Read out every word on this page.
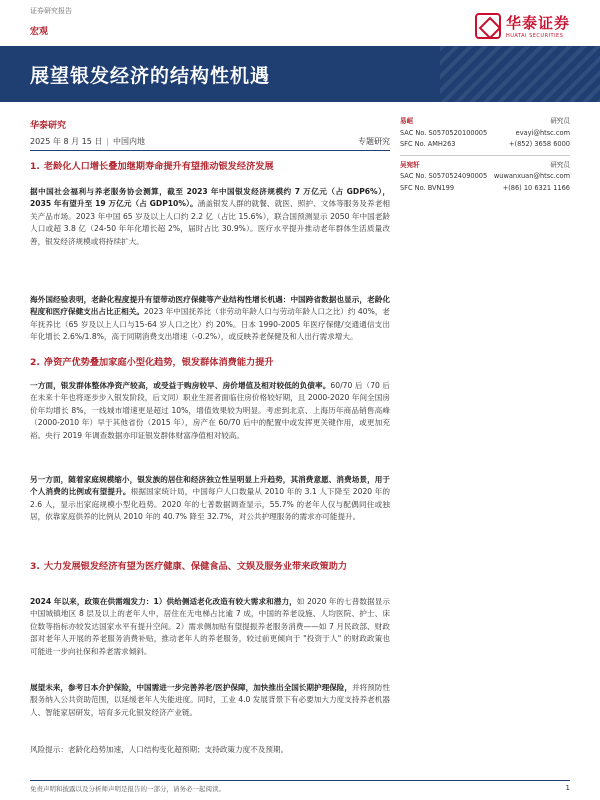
证券研究报告
宏观	华泰证券
HUATAI SECURITIES
展望银发经济的结构性机遇
华泰研究
2025 年 8 月 15 日 | 中国内地	专题研究
易峘	研究员
SAC No. S0570520100005	evayi@htsc.com
SFC No. AMH263	+(852) 3658 6000
吴宛轩	研究员
SAC No. S0570524090005 wuwanxuan@htsc.com
SFC No. BVN199	+(86) 10 6321 1166
1. 老龄化人口增长叠加继期寿命提升有望推动银发经济发展
据中国社会福利与养老服务协会测算，截至 2023 年中国银发经济规模约 7 万亿元（占 GDP6%），2035 年有望升至 19 万亿元（占 GDP10%）。涵盖银发人群的就餐、就医、照护、文体等服务及养老相关产品市场。2023 年中国 65 岁及以上人口约 2.2 亿（占比 15.6%），联合国预测显示 2050 年中国老龄人口或超 3.8 亿（24-50 年年化增长超 2%，届时占比 30.9%）。医疗水平提升推动老年群体生活质量改善，银发经济规模或将持续扩大。
海外国经验表明，老龄化程度提升有望带动医疗保健等产业结构性增长机遇：中国跨省数据也显示，老龄化程度和医疗保健支出占比正相关。2023 年中国抚养比（非劳动年龄人口与劳动年龄人口之比）约 40%，老年抚养比（65 岁及以上人口与15-64 岁人口之比）约 20%。日本 1990-2005 年医疗保健/交通通信支出年化增长 2.6%/1.8%，高于同期消费支出增速（-0.2%），或反映养老保健及和人出行需求增大。
2. 净资产优势叠加家庭小型化趋势，银发群体消费能力提升
一方面，银发群体整体净资产较高，或受益于购房较早、房价增值及相对较低的负债率。60/70 后（70 后在未来十年也将逐步步入银发阶段，后文同）职业生涯者面临住房价格较好期，且 2000-2020 年间全国房价年均增长 8%，一线城市增速更是超过 10%，增值效果较为明显。考虑到北京、上海历年商品销售高峰（2000-2010 年）早于其他省份（2015 年），房产在 60/70 后中的配置中或发挥更关键作用，或更加充裕。央行 2019 年调查数据亦印证银发群体财富净值相对较高。
另一方面，随着家庭规模缩小，银发族的居住和经济独立性呈明显上升趋势，其消费意愿、消费场景，用于个人消费的比例或有望提升。根据国家统计局，中国每户人口数量从 2010 年的 3.1 人下降至 2020 年的 2.6 人，显示出家庭规模小型化趋势。2020 年的七普数据调查显示，55.7% 的老年人仅与配偶同住或独居，依靠家庭供养的比例从 2010 年的 40.7% 降至 32.7%，对公共护理服务的需求亦可能提升。
3. 大力发展银发经济有望为医疗健康、保健食品、文娱及服务业带来政策助力
2024 年以来，政策在供需端发力：1）供给侧适老化改造有较大需求和潜力，如 2020 年的七普数据显示中国城镇地区 8 层及以上的老年人中，居住在无电梯占比逾 7 成，中国的养老设施、人均医院、护士、床位数等指标亦较发达国家水平有提升空间。2）需求侧加贴有望提振养老服务消费——如 7 月民政部、财政部对老年人开展的养老服务消费补贴，推动老年人的养老服务，较过前更倾向于 "投资于人" 的财政政策也可能进一步向社保和养老需求倾斜。
展望未来，参考日本介护保险，中国需进一步完善养老/医护保障，加快推出全国长期护理保险，并将预防性服务纳入公共资助范围，以延缓老年人失能进度。同时，工业 4.0 发展背景下有必要加大力度支持养老机器人、智能家居研发，培育多元化银发经济产业链。
风险提示：老龄化趋势加速，人口结构变化超预期；支持政策力度不及预期。
免责声明和披露以及分析师声明是报告的一部分，请务必一起阅读。	1
